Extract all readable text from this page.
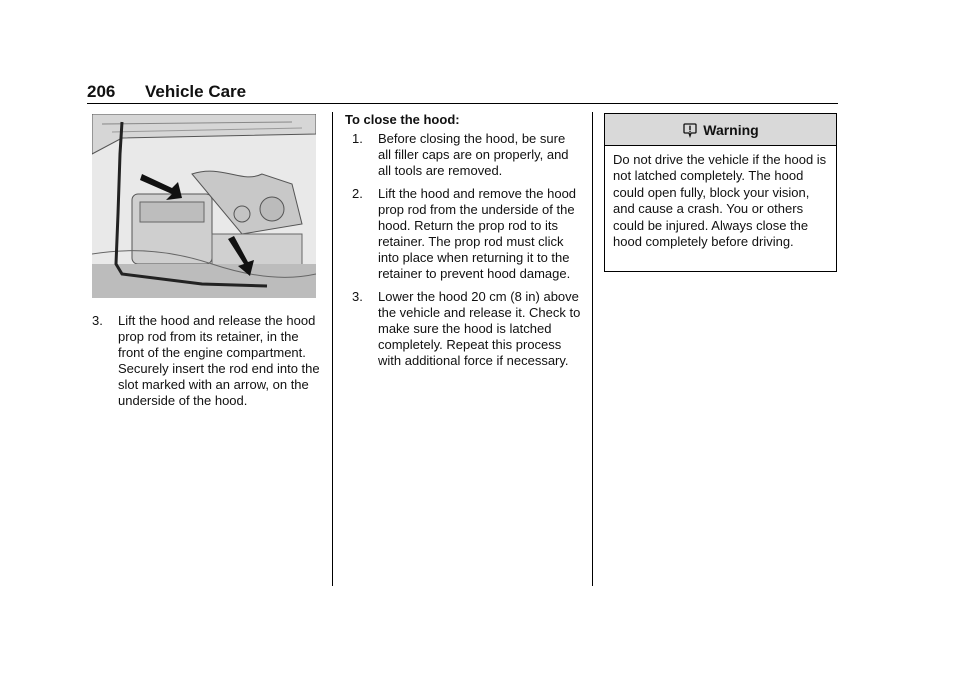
206 Vehicle Care
3.	Lift the hood and release the hood prop rod from its retainer, in the front of the engine compartment. Securely insert the rod end into the slot marked with an arrow, on the underside of the hood.
To close the hood:
1.	Before closing the hood, be sure all filler caps are on properly, and all tools are removed.
2.	Lift the hood and remove the hood prop rod from the underside of the hood. Return the prop rod to its retainer. The prop rod must click into place when returning it to the retainer to prevent hood damage.
3.	Lower the hood 20 cm (8 in) above the vehicle and release it. Check to make sure the hood is latched completely. Repeat this process with additional force if necessary.
Warning
Do not drive the vehicle if the hood is not latched completely. The hood could open fully, block your vision, and cause a crash. You or others could be injured. Always close the hood completely before driving.
